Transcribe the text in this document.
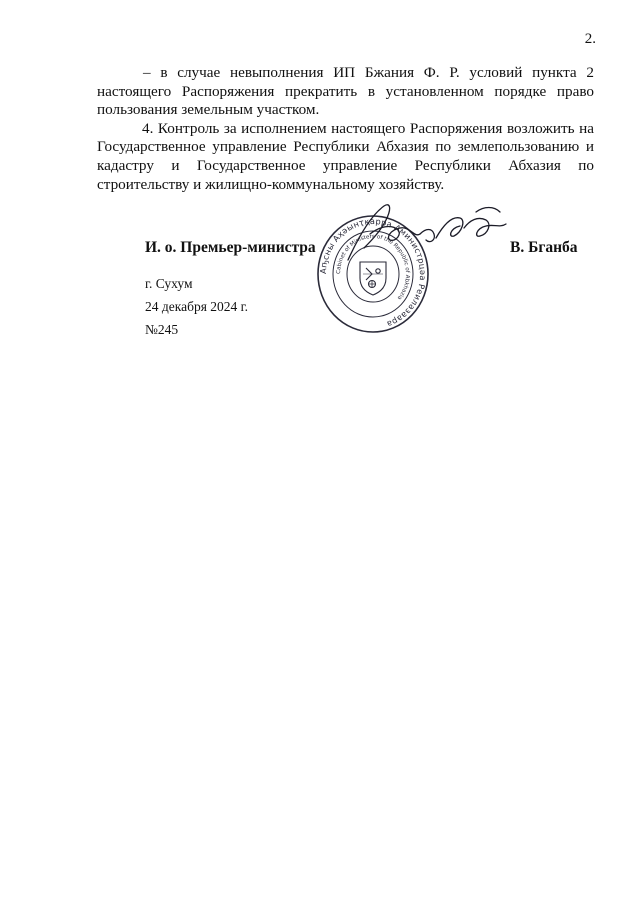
2.

– в случае невыполнения ИП Бжания Ф. Р. условий пункта 2 настоящего Распоряжения прекратить в установленном порядке право пользования земельным участком.

4. Контроль за исполнением настоящего Распоряжения возложить на Государственное управление Республики Абхазия по землепользованию и кадастру и Государственное управление Республики Абхазия по строительству и жилищно-коммунальному хозяйству.

И. о. Премьер-министра	В. Бганба
г. Сухум
24 декабря 2024 г.
№245
Аҧсны Аҳәынҭқарра Аминистрцәа Реилазаара
Cabinet of Ministers of the Republic of Abkhazia
